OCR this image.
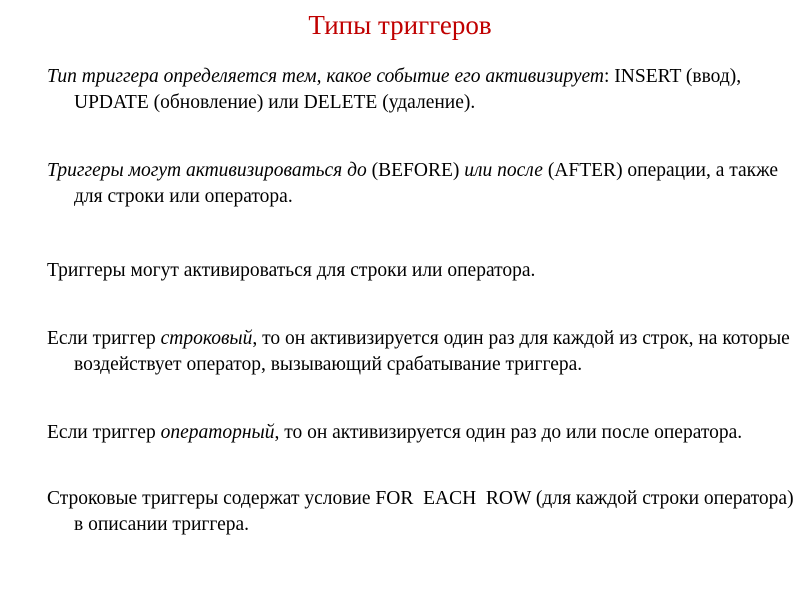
Типы триггеров
Тип триггера определяется тем, какое событие его активизирует: INSERT (ввод), UPDATE (обновление) или DELETE (удаление).
Триггеры могут активизироваться до (BEFORE) или после (AFTER) операции, а также для строки или оператора.
Триггеры могут активироваться для строки или оператора.
Если триггер строковый, то он активизируется один раз для каждой из строк, на которые воздействует оператор, вызывающий срабатывание триггера.
Если триггер операторный, то он активизируется один раз до или после оператора.
Строковые триггеры содержат условие FOR  EACH  ROW (для каждой строки оператора)  в описании триггера.
